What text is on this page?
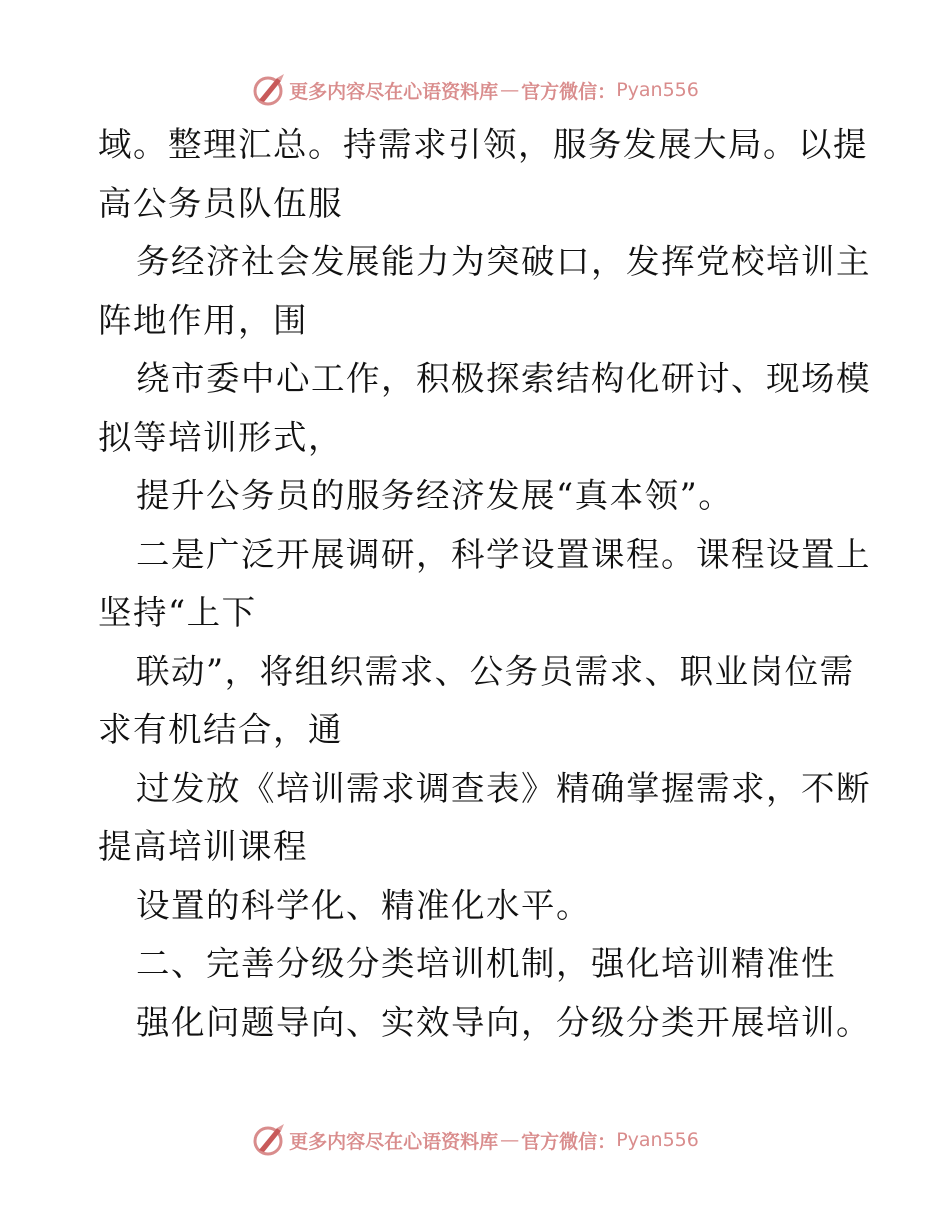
更多内容尽在心语资料库 — 官方微信： Pyan556
域。整理汇总。持需求引领，服务发展大局。以提
高公务员队伍服
务经济社会发展能力为突破口，发挥党校培训主
阵地作用，围
绕市委中心工作，积极探索结构化研讨、现场模
拟等培训形式，
提升公务员的服务经济发展“真本领”。
二是广泛开展调研，科学设置课程。课程设置上
坚持“上下
联动”，将组织需求、公务员需求、职业岗位需
求有机结合，通
过发放《培训需求调查表》精确掌握需求，不断
提高培训课程
设置的科学化、精准化水平。
二、完善分级分类培训机制，强化培训精准性
强化问题导向、实效导向，分级分类开展培训。
更多内容尽在心语资料库 — 官方微信： Pyan556
